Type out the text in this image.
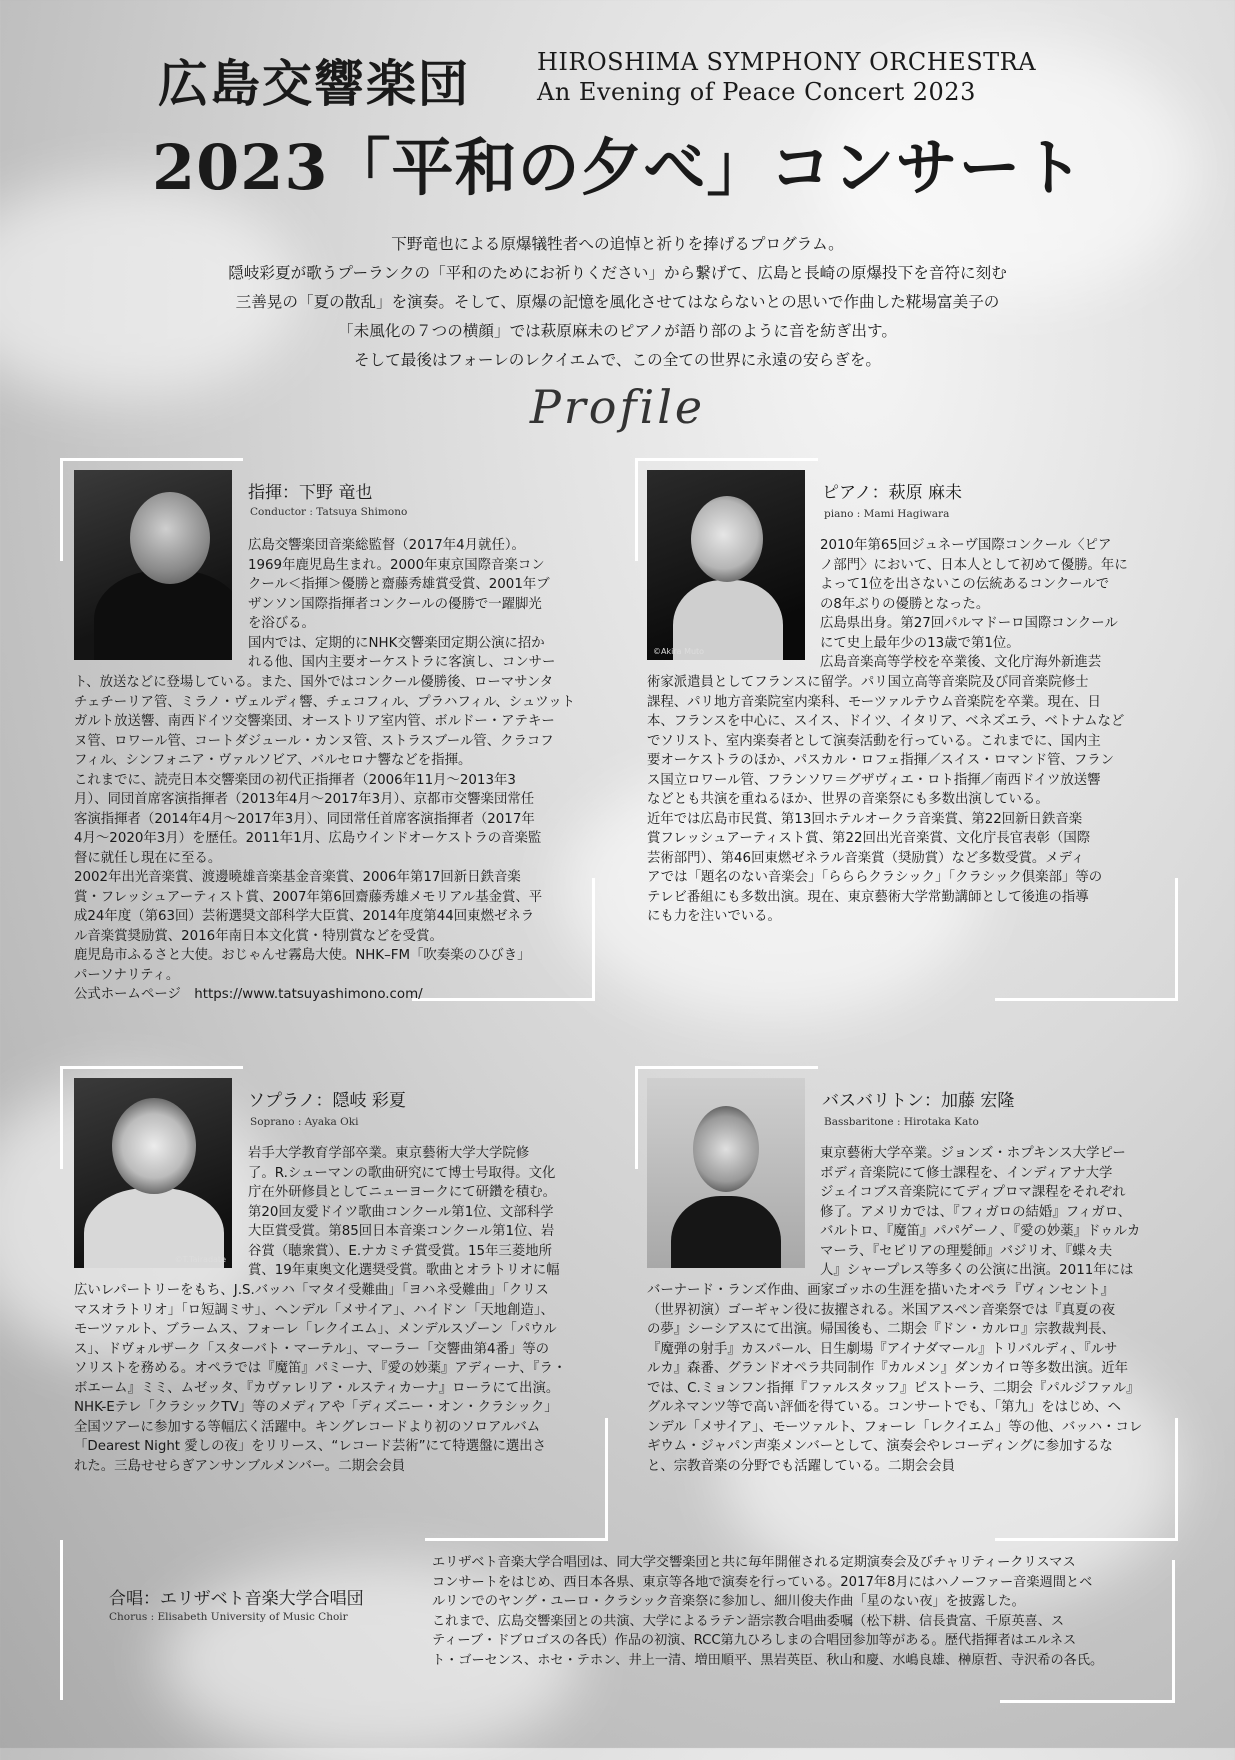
広島交響楽団	HIROSHIMA SYMPHONY ORCHESTRA
An Evening of Peace Concert 2023
2023「平和の夕べ」コンサート
下野竜也による原爆犠牲者への追悼と祈りを捧げるプログラム。
隠岐彩夏が歌うプーランクの「平和のためにお祈りください」から繋げて、広島と長崎の原爆投下を音符に刻む
三善晃の「夏の散乱」を演奏。そして、原爆の記憶を風化させてはならないとの思いで作曲した糀場富美子の
「未風化の７つの横顔」では萩原麻未のピアノが語り部のように音を紡ぎ出す。
そして最後はフォーレのレクイエムで、この全ての世界に永遠の安らぎを。
Profile
指揮：下野 竜也
Conductor : Tatsuya Shimono
広島交響楽団音楽総監督（2017年4月就任）。
1969年鹿児島生まれ。2000年東京国際音楽コン
クール＜指揮＞優勝と齋藤秀雄賞受賞、2001年ブ
ザンソン国際指揮者コンクールの優勝で一躍脚光
を浴びる。
国内では、定期的にNHK交響楽団定期公演に招か
れる他、国内主要オーケストラに客演し、コンサー
ト、放送などに登場している。また、国外ではコンクール優勝後、ローマサンタ
チェチーリア管、ミラノ・ヴェルディ響、チェコフィル、プラハフィル、シュツット
ガルト放送響、南西ドイツ交響楽団、オーストリア室内管、ボルドー・アテキー
ヌ管、ロワール管、コートダジュール・カンヌ管、ストラスブール管、クラコフ
フィル、シンフォニア・ヴァルソビア、バルセロナ響などを指揮。
これまでに、読売日本交響楽団の初代正指揮者（2006年11月～2013年3
月）、同団首席客演指揮者（2013年4月～2017年3月）、京都市交響楽団常任
客演指揮者（2014年4月～2017年3月）、同団常任首席客演指揮者（2017年
4月～2020年3月）を歴任。2011年1月、広島ウインドオーケストラの音楽監
督に就任し現在に至る。
2002年出光音楽賞、渡邊曉雄音楽基金音楽賞、2006年第17回新日鉄音楽
賞・フレッシュアーティスト賞、2007年第6回齋藤秀雄メモリアル基金賞、平
成24年度（第63回）芸術選奨文部科学大臣賞、2014年度第44回東燃ゼネラ
ル音楽賞奨励賞、2016年南日本文化賞・特別賞などを受賞。
鹿児島市ふるさと大使。おじゃんせ霧島大使。NHK–FM「吹奏楽のひびき」
パーソナリティ。
公式ホームページ　https://www.tatsuyashimono.com/
©Akira Muto
ピアノ：萩原 麻未
piano : Mami Hagiwara
2010年第65回ジュネーヴ国際コンクール〈ピア
ノ部門〉において、日本人として初めて優勝。年に
よって1位を出さないこの伝統あるコンクールで
の8年ぶりの優勝となった。
広島県出身。第27回パルマドーロ国際コンクール
にて史上最年少の13歳で第1位。
広島音楽高等学校を卒業後、文化庁海外新進芸
術家派遣員としてフランスに留学。パリ国立高等音楽院及び同音楽院修士
課程、パリ地方音楽院室内楽科、モーツァルテウム音楽院を卒業。現在、日
本、フランスを中心に、スイス、ドイツ、イタリア、ベネズエラ、ベトナムなど
でソリスト、室内楽奏者として演奏活動を行っている。これまでに、国内主
要オーケストラのほか、パスカル・ロフェ指揮／スイス・ロマンド管、フラン
ス国立ロワール管、フランソワ＝グザヴィエ・ロト指揮／南西ドイツ放送響
などとも共演を重ねるほか、世界の音楽祭にも多数出演している。
近年では広島市民賞、第13回ホテルオークラ音楽賞、第22回新日鉄音楽
賞フレッシュアーティスト賞、第22回出光音楽賞、文化庁長官表彰（国際
芸術部門）、第46回東燃ゼネラル音楽賞（奨励賞）など多数受賞。メディ
アでは「題名のない音楽会」「らららクラシック」「クラシック倶楽部」等の
テレビ番組にも多数出演。現在、東京藝術大学常勤講師として後進の指導
にも力を注いでいる。
©T.Tairadate
ソプラノ：隠岐 彩夏
Soprano : Ayaka Oki
岩手大学教育学部卒業。東京藝術大学大学院修
了。R.シューマンの歌曲研究にて博士号取得。文化
庁在外研修員としてニューヨークにて研鑽を積む。
第20回友愛ドイツ歌曲コンクール第1位、文部科学
大臣賞受賞。第85回日本音楽コンクール第1位、岩
谷賞（聴衆賞）、E.ナカミチ賞受賞。15年三菱地所
賞、19年東奥文化選奨受賞。歌曲とオラトリオに幅
広いレパートリーをもち、J.S.バッハ「マタイ受難曲」「ヨハネ受難曲」「クリス
マスオラトリオ」「ロ短調ミサ」、ヘンデル「メサイア」、ハイドン「天地創造」、
モーツァルト、ブラームス、フォーレ「レクイエム」、メンデルスゾーン「パウル
ス」、ドヴォルザーク「スターバト・マーテル」、マーラー「交響曲第4番」等の
ソリストを務める。オペラでは『魔笛』パミーナ、『愛の妙薬』アディーナ、『ラ・
ボエーム』ミミ、ムゼッタ、『カヴァレリア・ルスティカーナ』ローラにて出演。
NHK-Eテレ「クラシックTV」等のメディアや「ディズニー・オン・クラシック」
全国ツアーに参加する等幅広く活躍中。キングレコードより初のソロアルバム
「Dearest Night 愛しの夜」をリリース、“レコード芸術”にて特選盤に選出さ
れた。三島せせらぎアンサンブルメンバー。二期会会員
バスバリトン：加藤 宏隆
Bassbaritone : Hirotaka Kato
東京藝術大学卒業。ジョンズ・ホプキンス大学ピー
ボディ音楽院にて修士課程を、インディアナ大学
ジェイコブス音楽院にてディプロマ課程をそれぞれ
修了。アメリカでは、『フィガロの結婚』フィガロ、
バルトロ、『魔笛』パパゲーノ、『愛の妙薬』ドゥルカ
マーラ、『セビリアの理髪師』バジリオ、『蝶々夫
人』シャープレス等多くの公演に出演。2011年には
バーナード・ランズ作曲、画家ゴッホの生涯を描いたオペラ『ヴィンセント』
（世界初演）ゴーギャン役に抜擢される。米国アスペン音楽祭では『真夏の夜
の夢』シーシアスにて出演。帰国後も、二期会『ドン・カルロ』宗教裁判長、
『魔弾の射手』カスパール、日生劇場『アイナダマール』トリバルディ、『ルサ
ルカ』森番、グランドオペラ共同制作『カルメン』ダンカイロ等多数出演。近年
では、C.ミョンフン指揮『ファルスタッフ』ピストーラ、二期会『パルジファル』
グルネマンツ等で高い評価を得ている。コンサートでも、「第九」をはじめ、ヘ
ンデル「メサイア」、モーツァルト、フォーレ「レクイエム」等の他、バッハ・コレ
ギウム・ジャパン声楽メンバーとして、演奏会やレコーディングに参加するな
と、宗教音楽の分野でも活躍している。二期会会員
合唱：エリザベト音楽大学合唱団
Chorus : Elisabeth University of Music Choir
エリザベト音楽大学合唱団は、同大学交響楽団と共に毎年開催される定期演奏会及びチャリティークリスマス
コンサートをはじめ、西日本各県、東京等各地で演奏を行っている。2017年8月にはハノーファー音楽週間とベ
ルリンでのヤング・ユーロ・クラシック音楽祭に参加し、細川俊夫作曲「星のない夜」を披露した。
これまで、広島交響楽団との共演、大学によるラテン語宗教合唱曲委嘱（松下耕、信長貴富、千原英喜、ス
ティーブ・ドブロゴスの各氏）作品の初演、RCC第九ひろしまの合唱団参加等がある。歴代指揮者はエルネス
ト・ゴーセンス、ホセ・テホン、井上一清、増田順平、黒岩英臣、秋山和慶、水嶋良雄、榊原哲、寺沢希の各氏。
